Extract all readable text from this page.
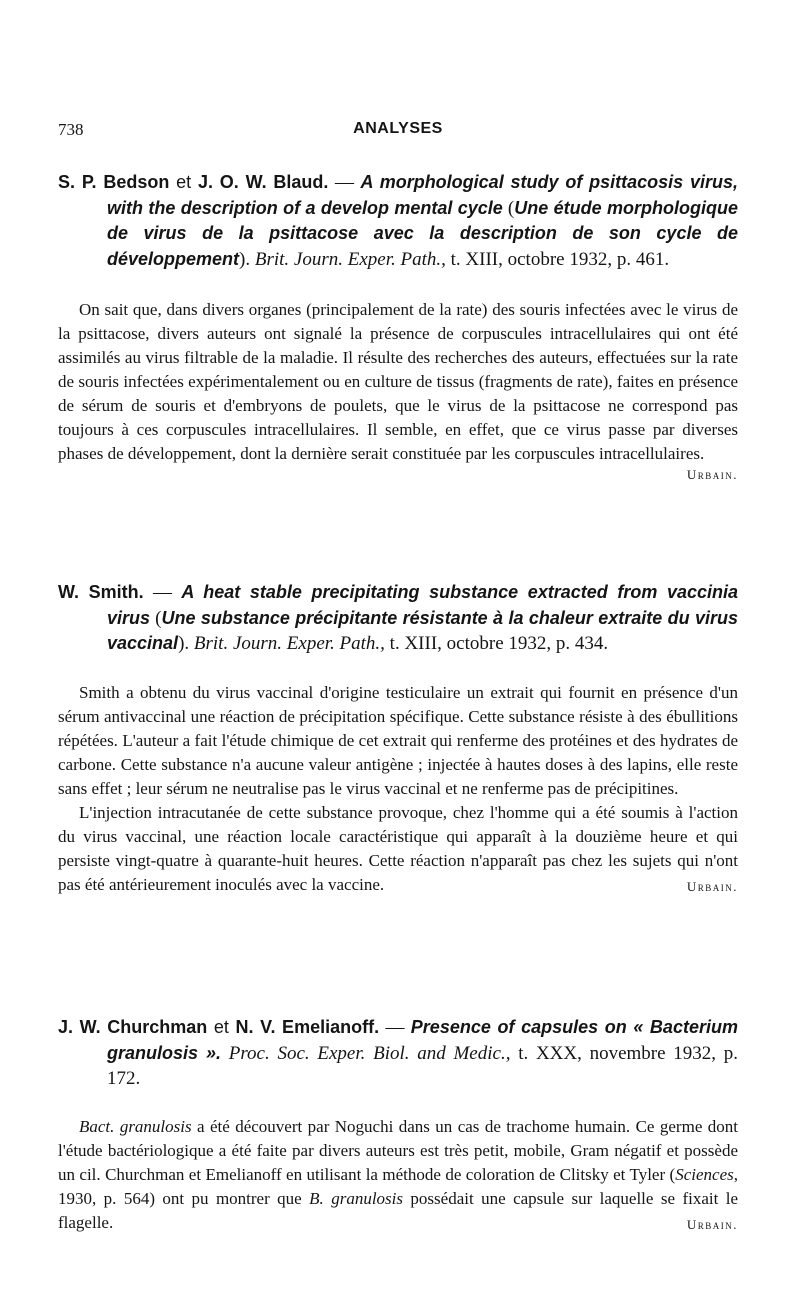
738	ANALYSES

S. P. Bedson et J. O. W. Blaud. — A morphological study of psittacosis virus, with the description of a develop mental cycle (Une étude morphologique de virus de la psittacose avec la description de son cycle de développement). Brit. Journ. Exper. Path., t. XIII, octobre 1932, p. 461.

On sait que, dans divers organes (principalement de la rate) des souris infectées avec le virus de la psittacose, divers auteurs ont signalé la présence de corpuscules intracellulaires qui ont été assimilés au virus filtrable de la maladie. Il résulte des recherches des auteurs, effectuées sur la rate de souris infectées expérimentalement ou en culture de tissus (fragments de rate), faites en présence de sérum de souris et d'embryons de poulets, que le virus de la psittacose ne correspond pas toujours à ces corpuscules intracellulaires. Il semble, en effet, que ce virus passe par diverses phases de développement, dont la dernière serait constituée par les corpuscules intracellulaires.

Urbain.

W. Smith. — A heat stable precipitating substance extracted from vaccinia virus (Une substance précipitante résistante à la chaleur extraite du virus vaccinal). Brit. Journ. Exper. Path., t. XIII, octobre 1932, p. 434.

Smith a obtenu du virus vaccinal d'origine testiculaire un extrait qui fournit en présence d'un sérum antivaccinal une réaction de précipitation spécifique. Cette substance résiste à des ébullitions répétées. L'auteur a fait l'étude chimique de cet extrait qui renferme des protéines et des hydrates de carbone. Cette substance n'a aucune valeur antigène ; injectée à hautes doses à des lapins, elle reste sans effet ; leur sérum ne neutralise pas le virus vaccinal et ne renferme pas de précipitines.

L'injection intracutanée de cette substance provoque, chez l'homme qui a été soumis à l'action du virus vaccinal, une réaction locale caractéristique qui apparaît à la douzième heure et qui persiste vingt-quatre à quarante-huit heures. Cette réaction n'apparaît pas chez les sujets qui n'ont pas été antérieurement inoculés avec la vaccine.	Urbain.

J. W. Churchman et N. V. Emelianoff. — Presence of capsules on « Bacterium granulosis ». Proc. Soc. Exper. Biol. and Medic., t. XXX, novembre 1932, p. 172.

Bact. granulosis a été découvert par Noguchi dans un cas de trachome humain. Ce germe dont l'étude bactériologique a été faite par divers auteurs est très petit, mobile, Gram négatif et possède un cil. Churchman et Emelianoff en utilisant la méthode de coloration de Clitsky et Tyler (Sciences, 1930, p. 564) ont pu montrer que B. granulosis possédait une capsule sur laquelle se fixait le flagelle.	Urbain.
